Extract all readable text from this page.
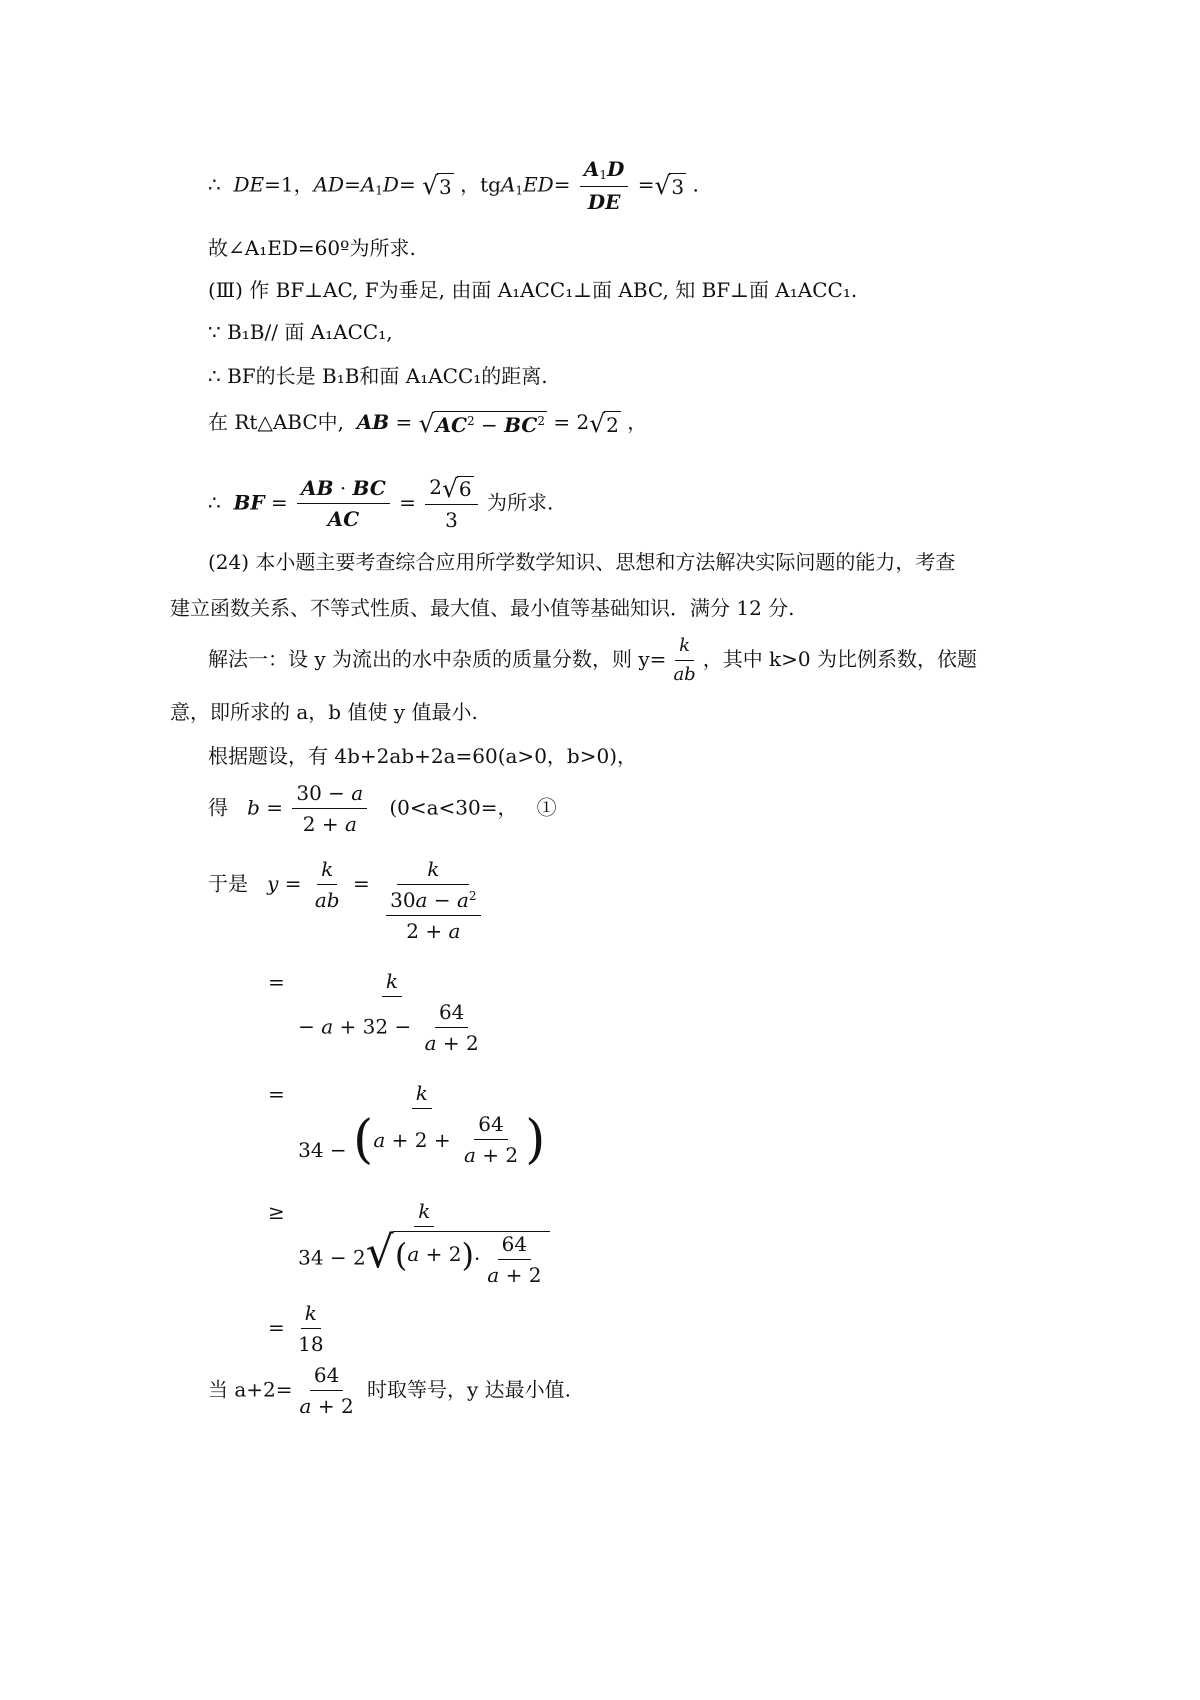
∴ DE=1，$AD=A_1D=$ √ 3 ，$tgA_1ED= \frac{A_1D}{DE}$ = √ 3 .
故∠A₁ED=60º为所求.
(Ⅲ) 作 BF⊥AC, F为垂足, 由面 A₁ACC₁⊥面 ABC, 知 BF⊥面 A₁ACC₁.
∵ B₁B// 面 A₁ACC₁,
∴ BF的长是 B₁B和面 A₁ACC₁的距离.
在 Rt△ABC中, AB = √ $AC^2 - BC^2 = 2$ √ 2 ，
∴  BF = $\frac{AB \cdot BC}{AC} = \frac{2 √ 6}{3}$ 为所求.
(24) 本小题主要考查综合应用所学数学知识、思想和方法解决实际问题的能力，考查
建立函数关系、不等式性质、最大值、最小值等基础知识．满分 12 分.
解法一：设 y 为流出的水中杂质的质量分数，则 $y= \frac{k}{ab}$ ，其中 k>0 为比例系数，依题
意，即所求的 a，b 值使 y 值最小.
根据题设，有 4b+2ab+2a=60(a>0，b>0)，
得 $b = \frac{30 - a}{2 + a} (0<a<30=$， ①
于是 $y = \frac{k}{ab} = \frac{k}{\frac{30a - a^2}{2 + a}}$
= $\frac{k}{- a + 32 - \frac{64}{a + 2}}$
= $\frac{k}{34 - ( a + 2 + \frac{64}{a + 2} )}$
≥ $\frac{k}{34 - 2 √ ( a + 2 ) \cdot \frac{64}{a + 2}}$
= $\frac{k}{18}$
当 $a+2= \frac{64}{a + 2}$ 时取等号，y 达最小值.
